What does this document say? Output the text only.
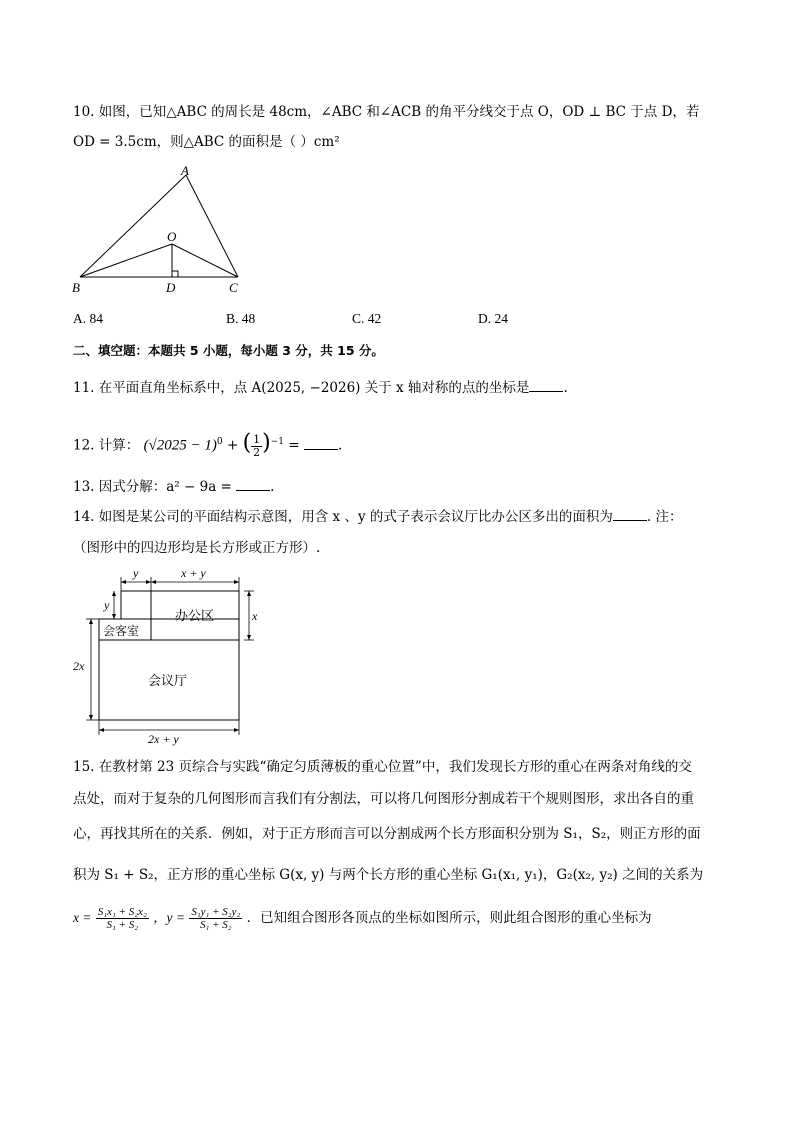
10. 如图，已知△ABC 的周长是 48cm，∠ABC 和∠ACB 的角平分线交于点 O，OD ⊥ BC 于点 D，若
OD = 3.5cm，则△ABC 的面积是（ ）cm²
A
O
B	D	C
A. 84	B. 48	C. 42	D. 24
二、填空题：本题共 5 小题，每小题 3 分，共 15 分。
11. 在平面直角坐标系中，点 A(2025, −2026) 关于 x 轴对称的点的坐标是	.
12. 计算： $(√2025 - 1)^0$ + ( $\frac{1}{2} )^{-1}$ =	.
13. 因式分解：a² − 9a =	.
14. 如图是某公司的平面结构示意图，用含 x 、y 的式子表示会议厅比办公区多出的面积为	. 注：
（图形中的四边形均是长方形或正方形）.
y	x + y
y
x
2x
2x + y
办公区
会客室
会议厅
15. 在教材第 23 页综合与实践“确定匀质薄板的重心位置”中，我们发现长方形的重心在两条对角线的交
点处，而对于复杂的几何图形而言我们有分割法，可以将几何图形分割成若干个规则图形，求出各自的重
心，再找其所在的关系．例如，对于正方形而言可以分割成两个长方形面积分别为 S₁，S₂，则正方形的面
积为 S₁ + S₂，正方形的重心坐标 G(x, y) 与两个长方形的重心坐标 G₁(x₁, y₁)，G₂(x₂, y₂) 之间的关系为
$x = \frac{\text{S₁x₁ + S₂x₂}}{\text{S₁ + S₂}}$ ，$y = \frac{\text{S₁y₁ + S₂y₂}}{\text{S₁ + S₂}}$ ．已知组合图形各顶点的坐标如图所示，则此组合图形的重心坐标为
